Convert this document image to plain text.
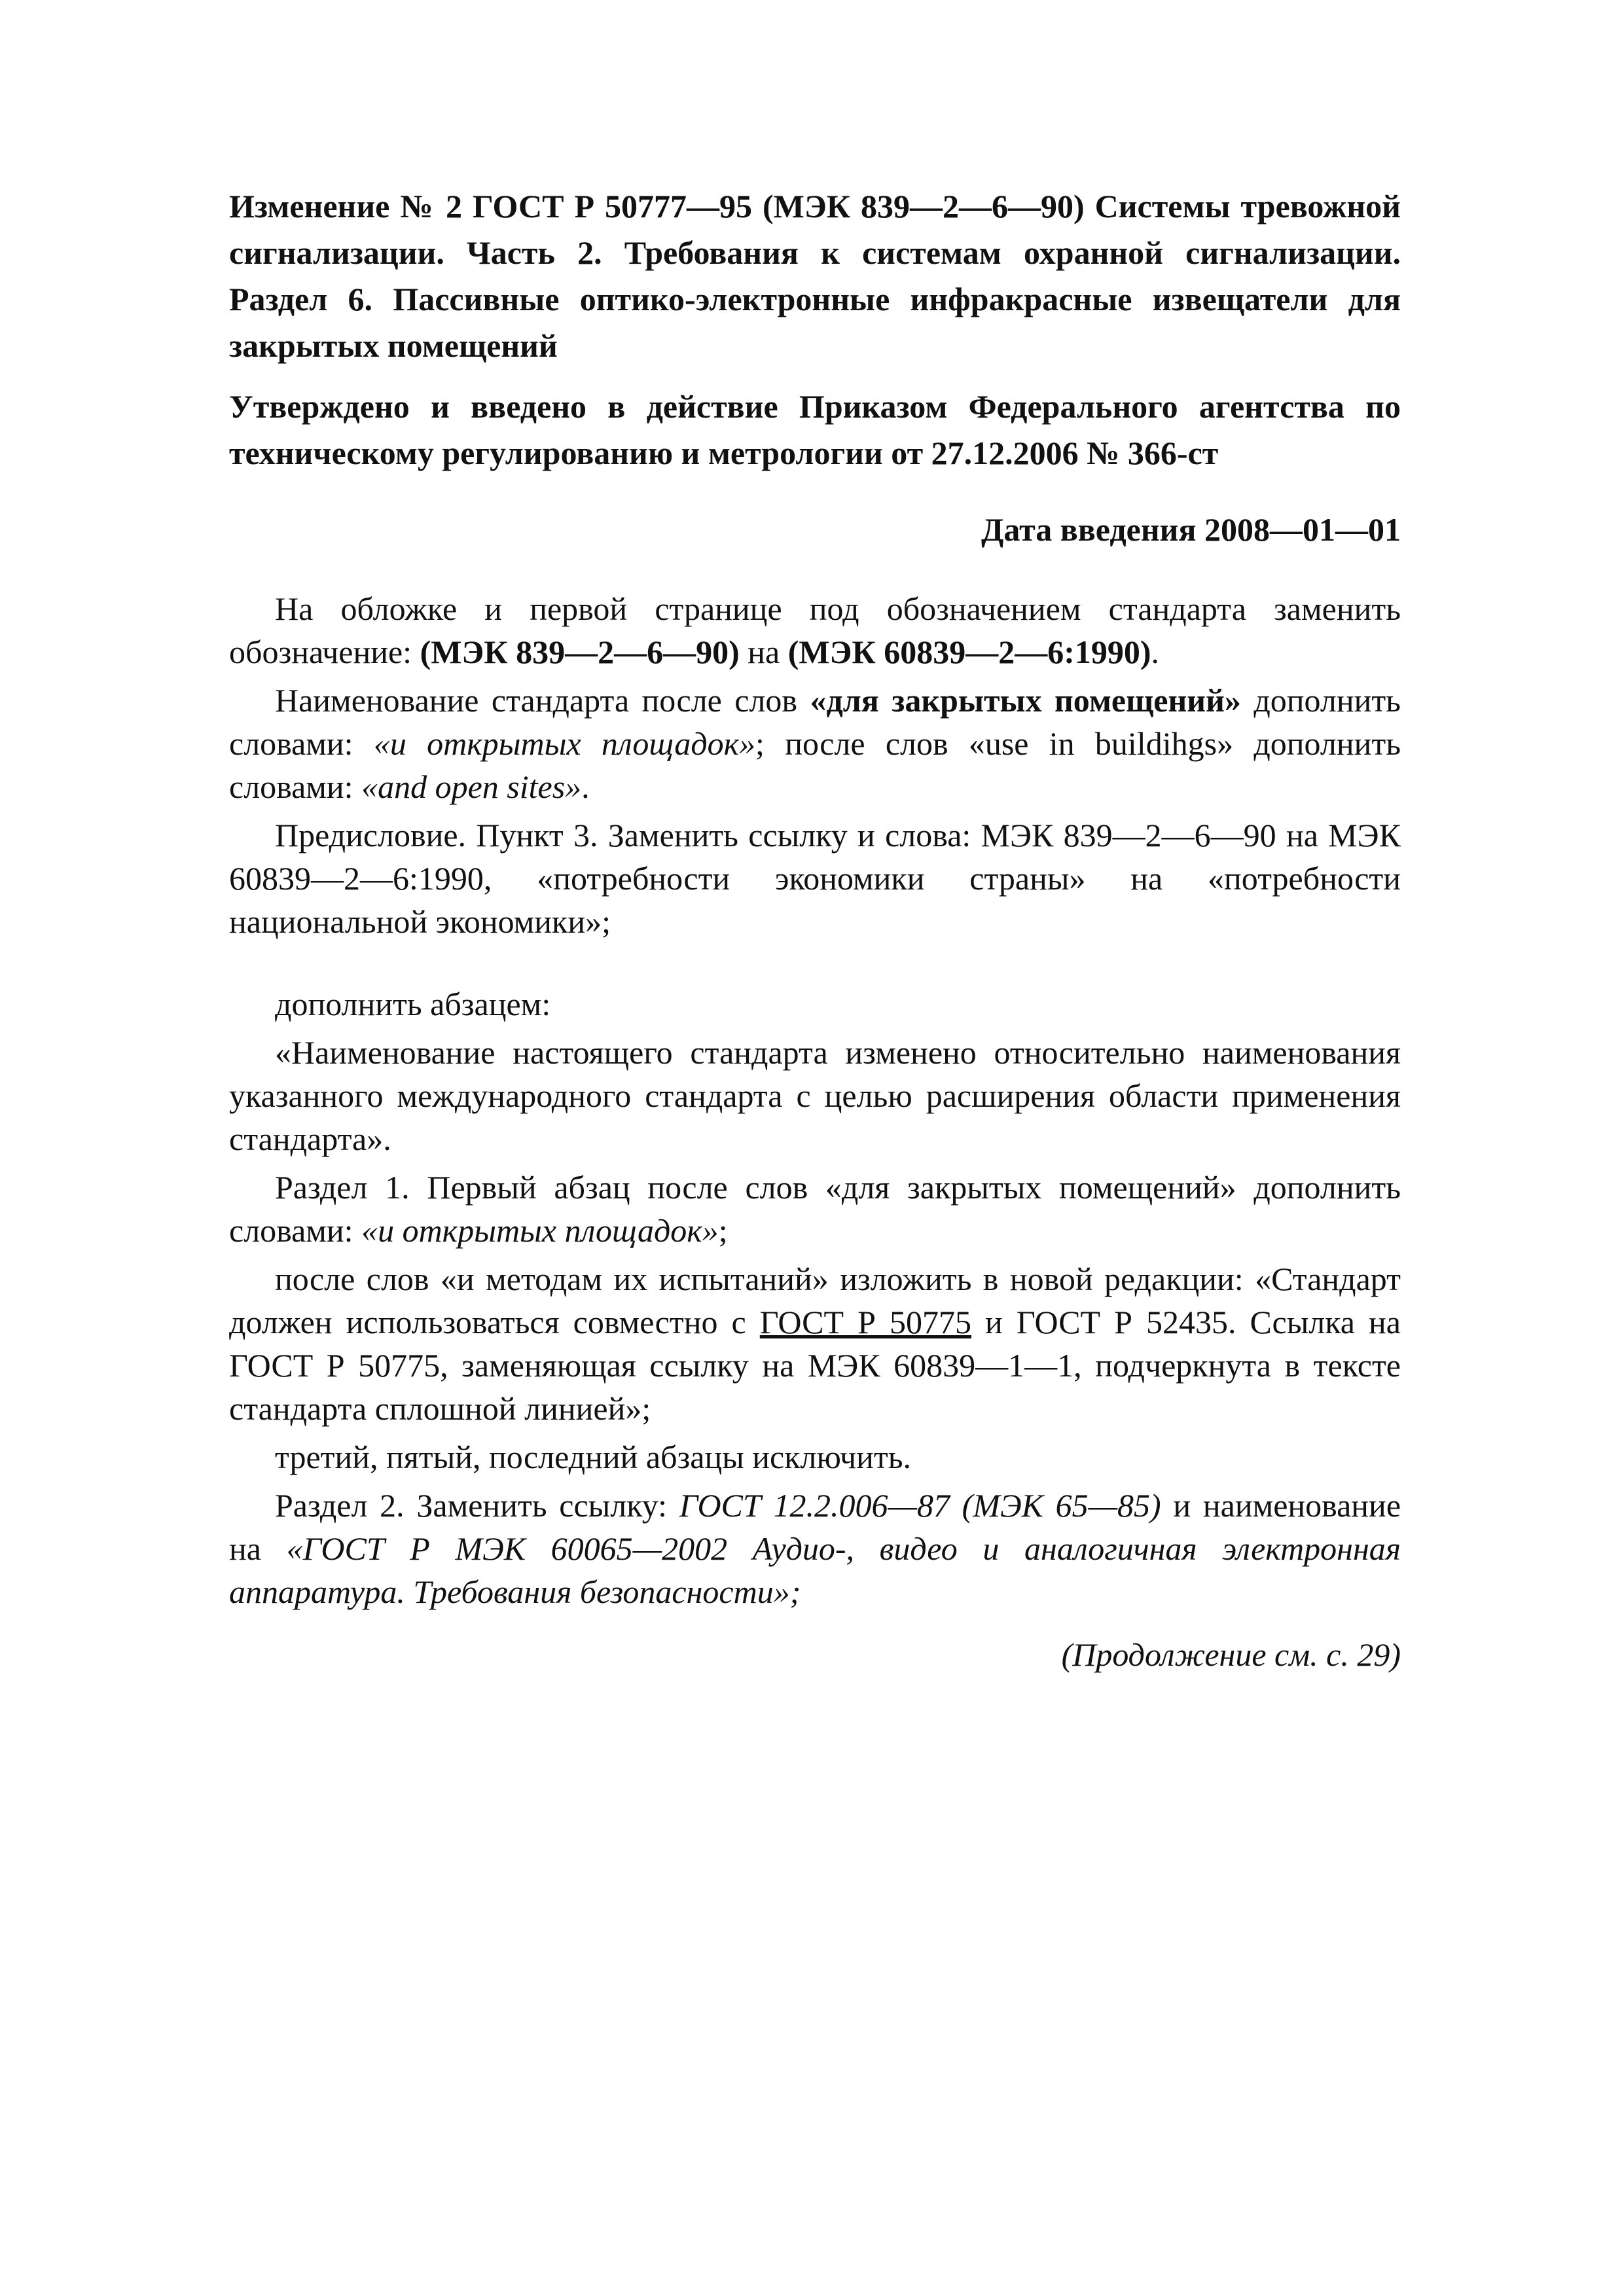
Изменение № 2 ГОСТ Р 50777—95 (МЭК 839—2—6—90) Системы тревожной сигнализации. Часть 2. Требования к системам охранной сигнализации. Раздел 6. Пассивные оптико-электронные инфракрасные извещатели для закрытых помещений
Утверждено и введено в действие Приказом Федерального агентства по техническому регулированию и метрологии от 27.12.2006 № 366-ст
Дата введения 2008—01—01

На обложке и первой странице под обозначением стандарта заменить обозначение: (МЭК 839—2—6—90) на (МЭК 60839—2—6:1990).

Наименование стандарта после слов «для закрытых помещений» дополнить словами: «и открытых площадок»; после слов «use in buildihgs» дополнить словами: «and open sites».

Предисловие. Пункт 3. Заменить ссылку и слова: МЭК 839—2—6—90 на МЭК 60839—2—6:1990, «потребности экономики страны» на «потребности национальной экономики»;

дополнить абзацем:

«Наименование настоящего стандарта изменено относительно наименования указанного международного стандарта с целью расширения области применения стандарта».

Раздел 1. Первый абзац после слов «для закрытых помещений» дополнить словами: «и открытых площадок»;

после слов «и методам их испытаний» изложить в новой редакции: «Стандарт должен использоваться совместно с ГОСТ Р 50775 и ГОСТ Р 52435. Ссылка на ГОСТ Р 50775, заменяющая ссылку на МЭК 60839—1—1, подчеркнута в тексте стандарта сплошной линией»;

третий, пятый, последний абзацы исключить.

Раздел 2. Заменить ссылку: ГОСТ 12.2.006—87 (МЭК 65—85) и наименование на «ГОСТ Р МЭК 60065—2002 Аудио-, видео и аналогичная электронная аппаратура. Требования безопасности»;

(Продолжение см. с. 29)
